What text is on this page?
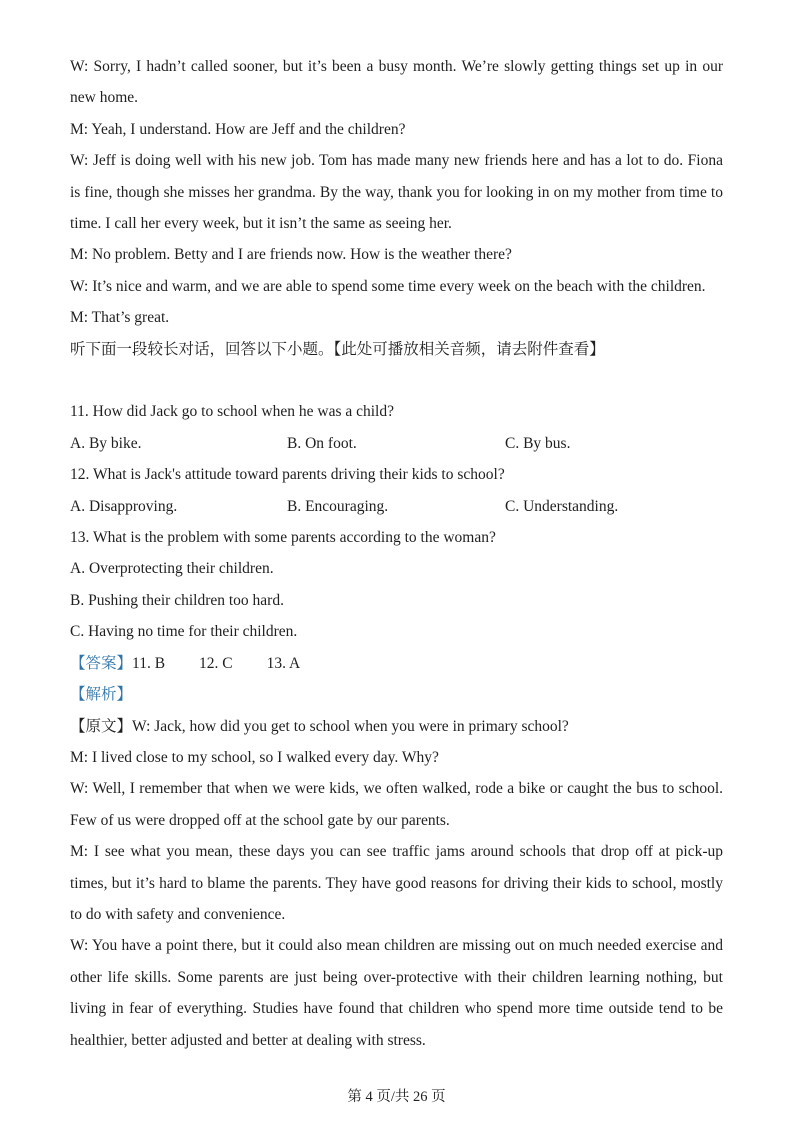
W: Sorry, I hadn’t called sooner, but it’s been a busy month. We’re slowly getting things set up in our new home.

M: Yeah, I understand. How are Jeff and the children?

W: Jeff is doing well with his new job. Tom has made many new friends here and has a lot to do. Fiona is fine, though she misses her grandma. By the way, thank you for looking in on my mother from time to time. I call her every week, but it isn’t the same as seeing her.

M: No problem. Betty and I are friends now. How is the weather there?

W: It’s nice and warm, and we are able to spend some time every week on the beach with the children.

M: That’s great.

听下面一段较长对话，回答以下小题。【此处可播放相关音频，请去附件查看】

11. How did Jack go to school when he was a child?

A. By bike.	B. On foot.	C. By bus.

12. What is Jack's attitude toward parents driving their kids to school?

A. Disapproving.	B. Encouraging.	C. Understanding.

13. What is the problem with some parents according to the woman?

A. Overprotecting their children.

B. Pushing their children too hard.

C. Having no time for their children.

【答案】11. B 12. C 13. A

【解析】

【原文】W: Jack, how did you get to school when you were in primary school?

M: I lived close to my school, so I walked every day. Why?

W: Well, I remember that when we were kids, we often walked, rode a bike or caught the bus to school. Few of us were dropped off at the school gate by our parents.

M: I see what you mean, these days you can see traffic jams around schools that drop off at pick-up times, but it’s hard to blame the parents. They have good reasons for driving their kids to school, mostly to do with safety and convenience.

W: You have a point there, but it could also mean children are missing out on much needed exercise and other life skills. Some parents are just being over-protective with their children learning nothing, but living in fear of everything. Studies have found that children who spend more time outside tend to be healthier, better adjusted and better at dealing with stress.

第 4 页/共 26 页
